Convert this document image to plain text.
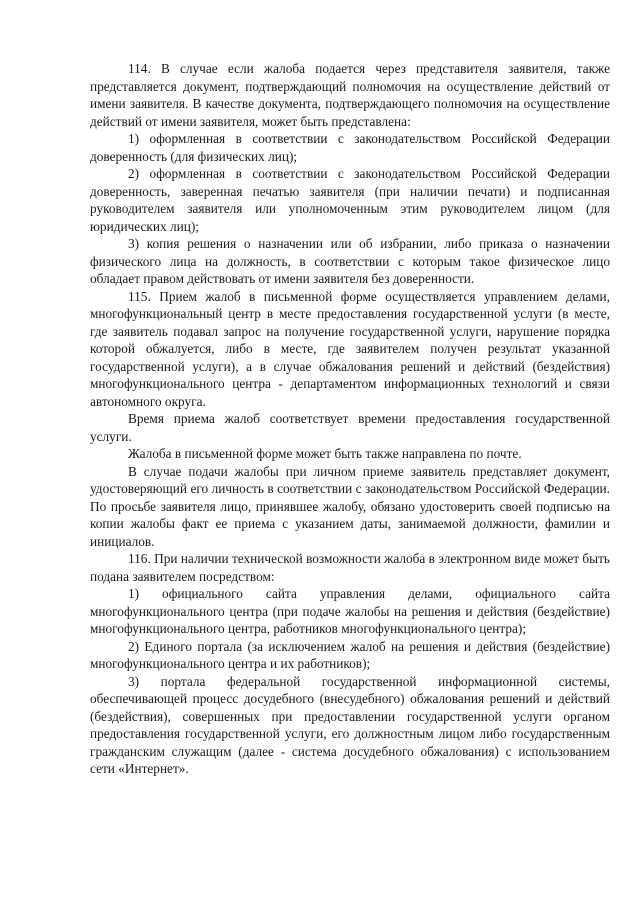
114. В случае если жалоба подается через представителя заявителя, также представляется документ, подтверждающий полномочия на осуществление действий от имени заявителя. В качестве документа, подтверждающего полномочия на осуществление действий от имени заявителя, может быть представлена:

1) оформленная в соответствии с законодательством Российской Федерации доверенность (для физических лиц);

2) оформленная в соответствии с законодательством Российской Федерации доверенность, заверенная печатью заявителя (при наличии печати) и подписанная руководителем заявителя или уполномоченным этим руководителем лицом (для юридических лиц);

3) копия решения о назначении или об избрании, либо приказа о назначении физического лица на должность, в соответствии с которым такое физическое лицо обладает правом действовать от имени заявителя без доверенности.

115. Прием жалоб в письменной форме осуществляется управлением делами, многофункциональный центр в месте предоставления государственной услуги (в месте, где заявитель подавал запрос на получение государственной услуги, нарушение порядка которой обжалуется, либо в месте, где заявителем получен результат указанной государственной услуги), а в случае обжалования решений и действий (бездействия) многофункционального центра - департаментом информационных технологий и связи автономного округа.

Время приема жалоб соответствует времени предоставления государственной услуги.

Жалоба в письменной форме может быть также направлена по почте.

В случае подачи жалобы при личном приеме заявитель представляет документ, удостоверяющий его личность в соответствии с законодательством Российской Федерации. По просьбе заявителя лицо, принявшее жалобу, обязано удостоверить своей подписью на копии жалобы факт ее приема с указанием даты, занимаемой должности, фамилии и инициалов.

116. При наличии технической возможности жалоба в электронном виде может быть подана заявителем посредством:

1) официального сайта управления делами, официального сайта многофункционального центра (при подаче жалобы на решения и действия (бездействие) многофункционального центра, работников многофункционального центра);

2) Единого портала (за исключением жалоб на решения и действия (бездействие) многофункционального центра и их работников);

3) портала федеральной государственной информационной системы, обеспечивающей процесс досудебного (внесудебного) обжалования решений и действий (бездействия), совершенных при предоставлении государственной услуги органом предоставления государственной услуги, его должностным лицом либо государственным гражданским служащим (далее - система досудебного обжалования) с использованием сети «Интернет».
